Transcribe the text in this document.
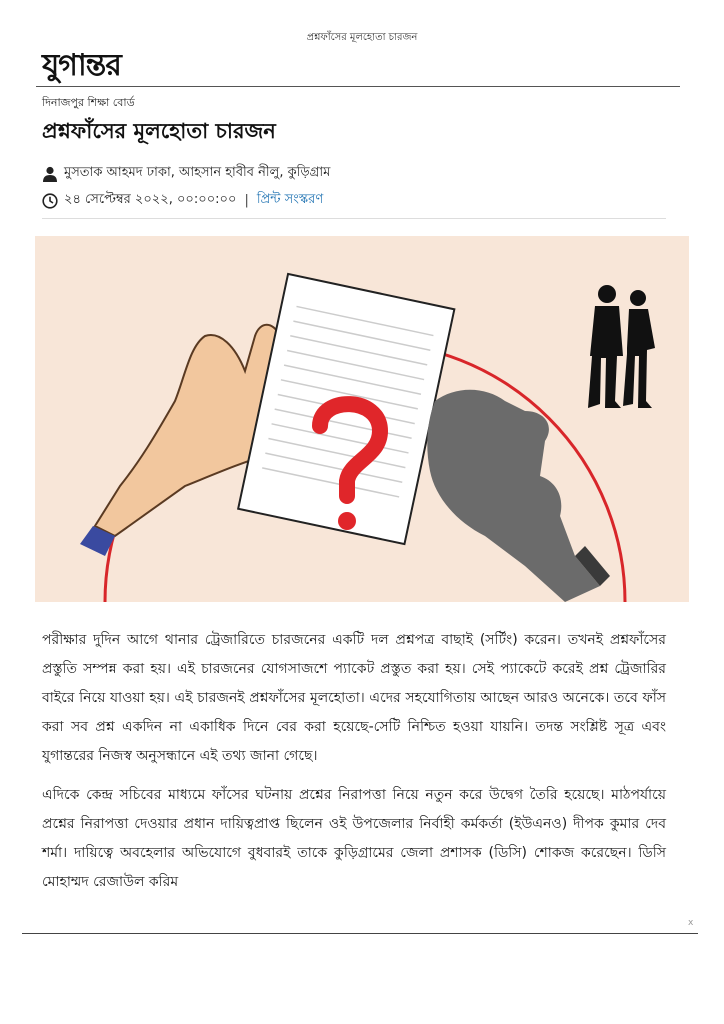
প্রশ্নফাঁসের মূলহোতা চারজন
যুগান্তর
দিনাজপুর শিক্ষা বোর্ড
প্রশ্নফাঁসের মূলহোতা চারজন
মুসতাক আহমদ ঢাকা, আহসান হাবীব নীলু, কুড়িগ্রাম
২৪ সেপ্টেম্বর ২০২২, ০০:০০:০০ | প্রিন্ট সংস্করণ

পরীক্ষার দুদিন আগে থানার ট্রেজারিতে চারজনের একটি দল প্রশ্নপত্র বাছাই (সর্টিং) করেন। তখনই প্রশ্নফাঁসের প্রস্তুতি সম্পন্ন করা হয়। এই চারজনের যোগসাজশে প্যাকেট প্রস্তুত করা হয়। সেই প্যাকেটে করেই প্রশ্ন ট্রেজারির বাইরে নিয়ে যাওয়া হয়। এই চারজনই প্রশ্নফাঁসের মূলহোতা। এদের সহযোগিতায় আছেন আরও অনেকে। তবে ফাঁস করা সব প্রশ্ন একদিন না একাধিক দিনে বের করা হয়েছে-সেটি নিশ্চিত হওয়া যায়নি। তদন্ত সংশ্লিষ্ট সূত্র এবং যুগান্তরের নিজস্ব অনুসন্ধানে এই তথ্য জানা গেছে।

এদিকে কেন্দ্র সচিবের মাধ্যমে ফাঁসের ঘটনায় প্রশ্নের নিরাপত্তা নিয়ে নতুন করে উদ্বেগ তৈরি হয়েছে। মাঠপর্যায়ে প্রশ্নের নিরাপত্তা দেওয়ার প্রধান দায়িত্বপ্রাপ্ত ছিলেন ওই উপজেলার নির্বাহী কর্মকর্তা (ইউএনও) দীপক কুমার দেব শর্মা। দায়িত্বে অবহেলার অভিযোগে বুধবারই তাকে কুড়িগ্রামের জেলা প্রশাসক (ডিসি) শোকজ করেছেন। ডিসি মোহাম্মদ রেজাউল করিম

x
